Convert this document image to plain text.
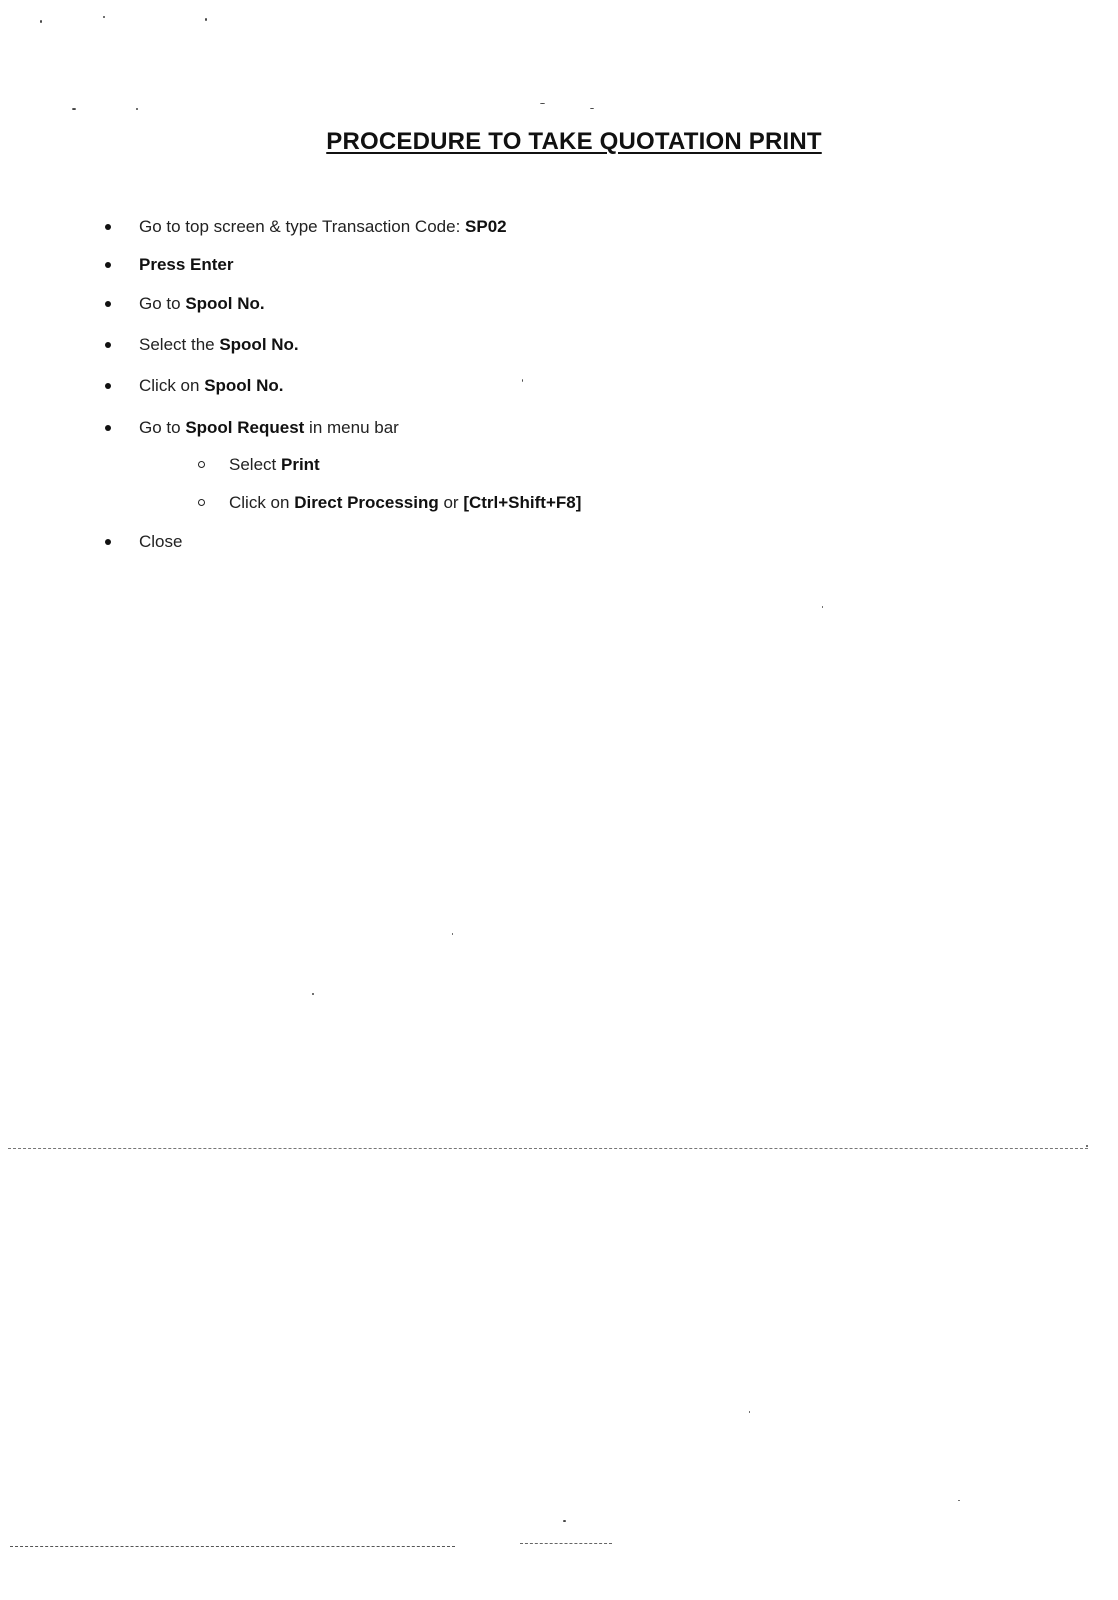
PROCEDURE TO TAKE QUOTATION PRINT
Go to top screen & type Transaction Code: SP02
Press Enter
Go to Spool No.
Select the Spool No.
Click on Spool No.
Go to Spool Request in menu bar
Select Print
Click on Direct Processing or [Ctrl+Shift+F8]
Close
